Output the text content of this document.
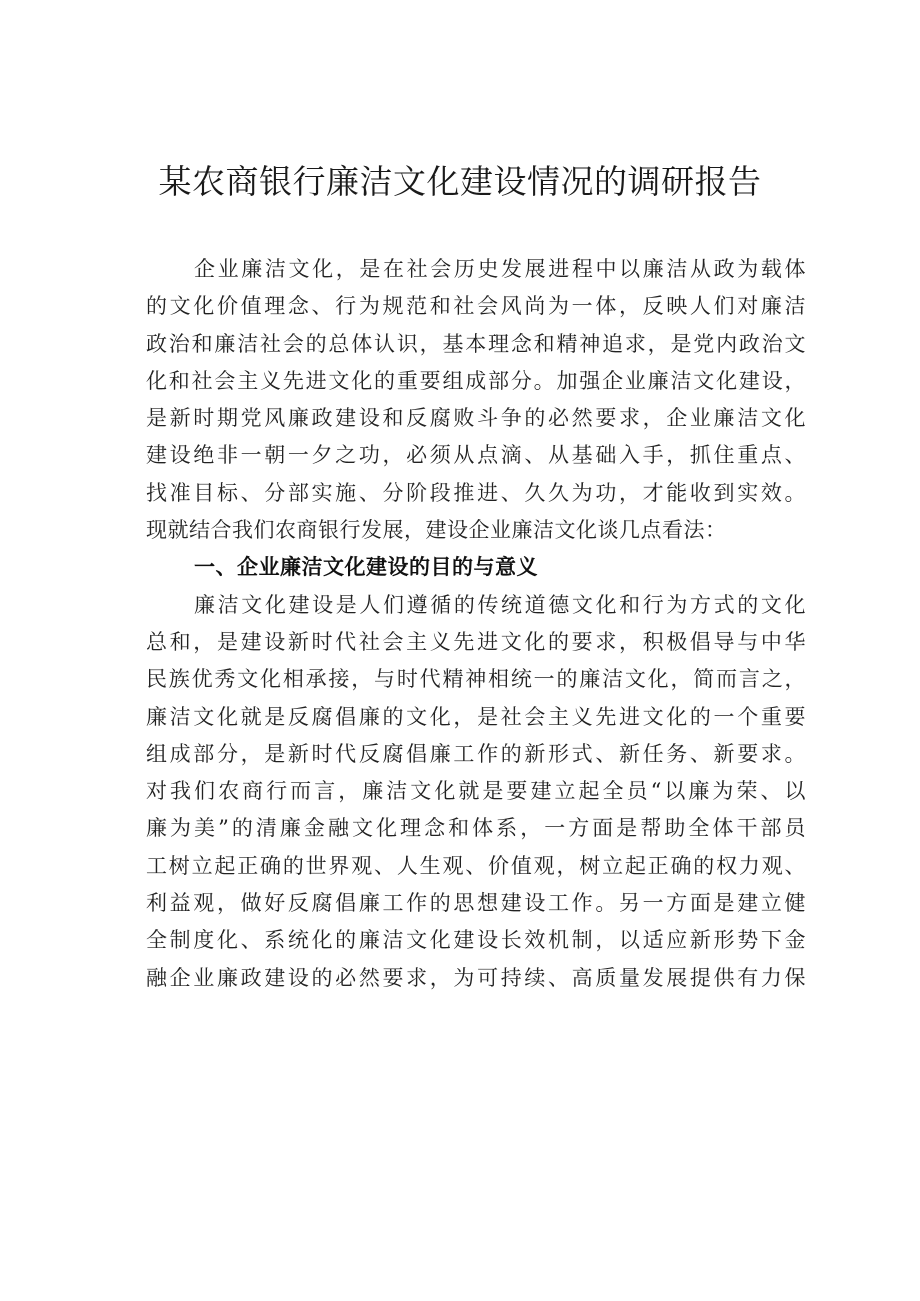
某农商银行廉洁文化建设情况的调研报告
企业廉洁文化，是在社会历史发展进程中以廉洁从政为载体
的文化价值理念、行为规范和社会风尚为一体，反映人们对廉洁
政治和廉洁社会的总体认识，基本理念和精神追求，是党内政治文
化和社会主义先进文化的重要组成部分。加强企业廉洁文化建设，
是新时期党风廉政建设和反腐败斗争的必然要求，企业廉洁文化
建设绝非一朝一夕之功，必须从点滴、从基础入手，抓住重点、
找准目标、分部实施、分阶段推进、久久为功，才能收到实效。
现就结合我们农商银行发展，建设企业廉洁文化谈几点看法：
一、企业廉洁文化建设的目的与意义
廉洁文化建设是人们遵循的传统道德文化和行为方式的文化
总和，是建设新时代社会主义先进文化的要求，积极倡导与中华
民族优秀文化相承接，与时代精神相统一的廉洁文化，简而言之，
廉洁文化就是反腐倡廉的文化，是社会主义先进文化的一个重要
组成部分，是新时代反腐倡廉工作的新形式、新任务、新要求。
对我们农商行而言，廉洁文化就是要建立起全员“以廉为荣、以
廉为美”的清廉金融文化理念和体系，一方面是帮助全体干部员
工树立起正确的世界观、人生观、价值观，树立起正确的权力观、
利益观，做好反腐倡廉工作的思想建设工作。另一方面是建立健
全制度化、系统化的廉洁文化建设长效机制，以适应新形势下金
融企业廉政建设的必然要求，为可持续、高质量发展提供有力保
